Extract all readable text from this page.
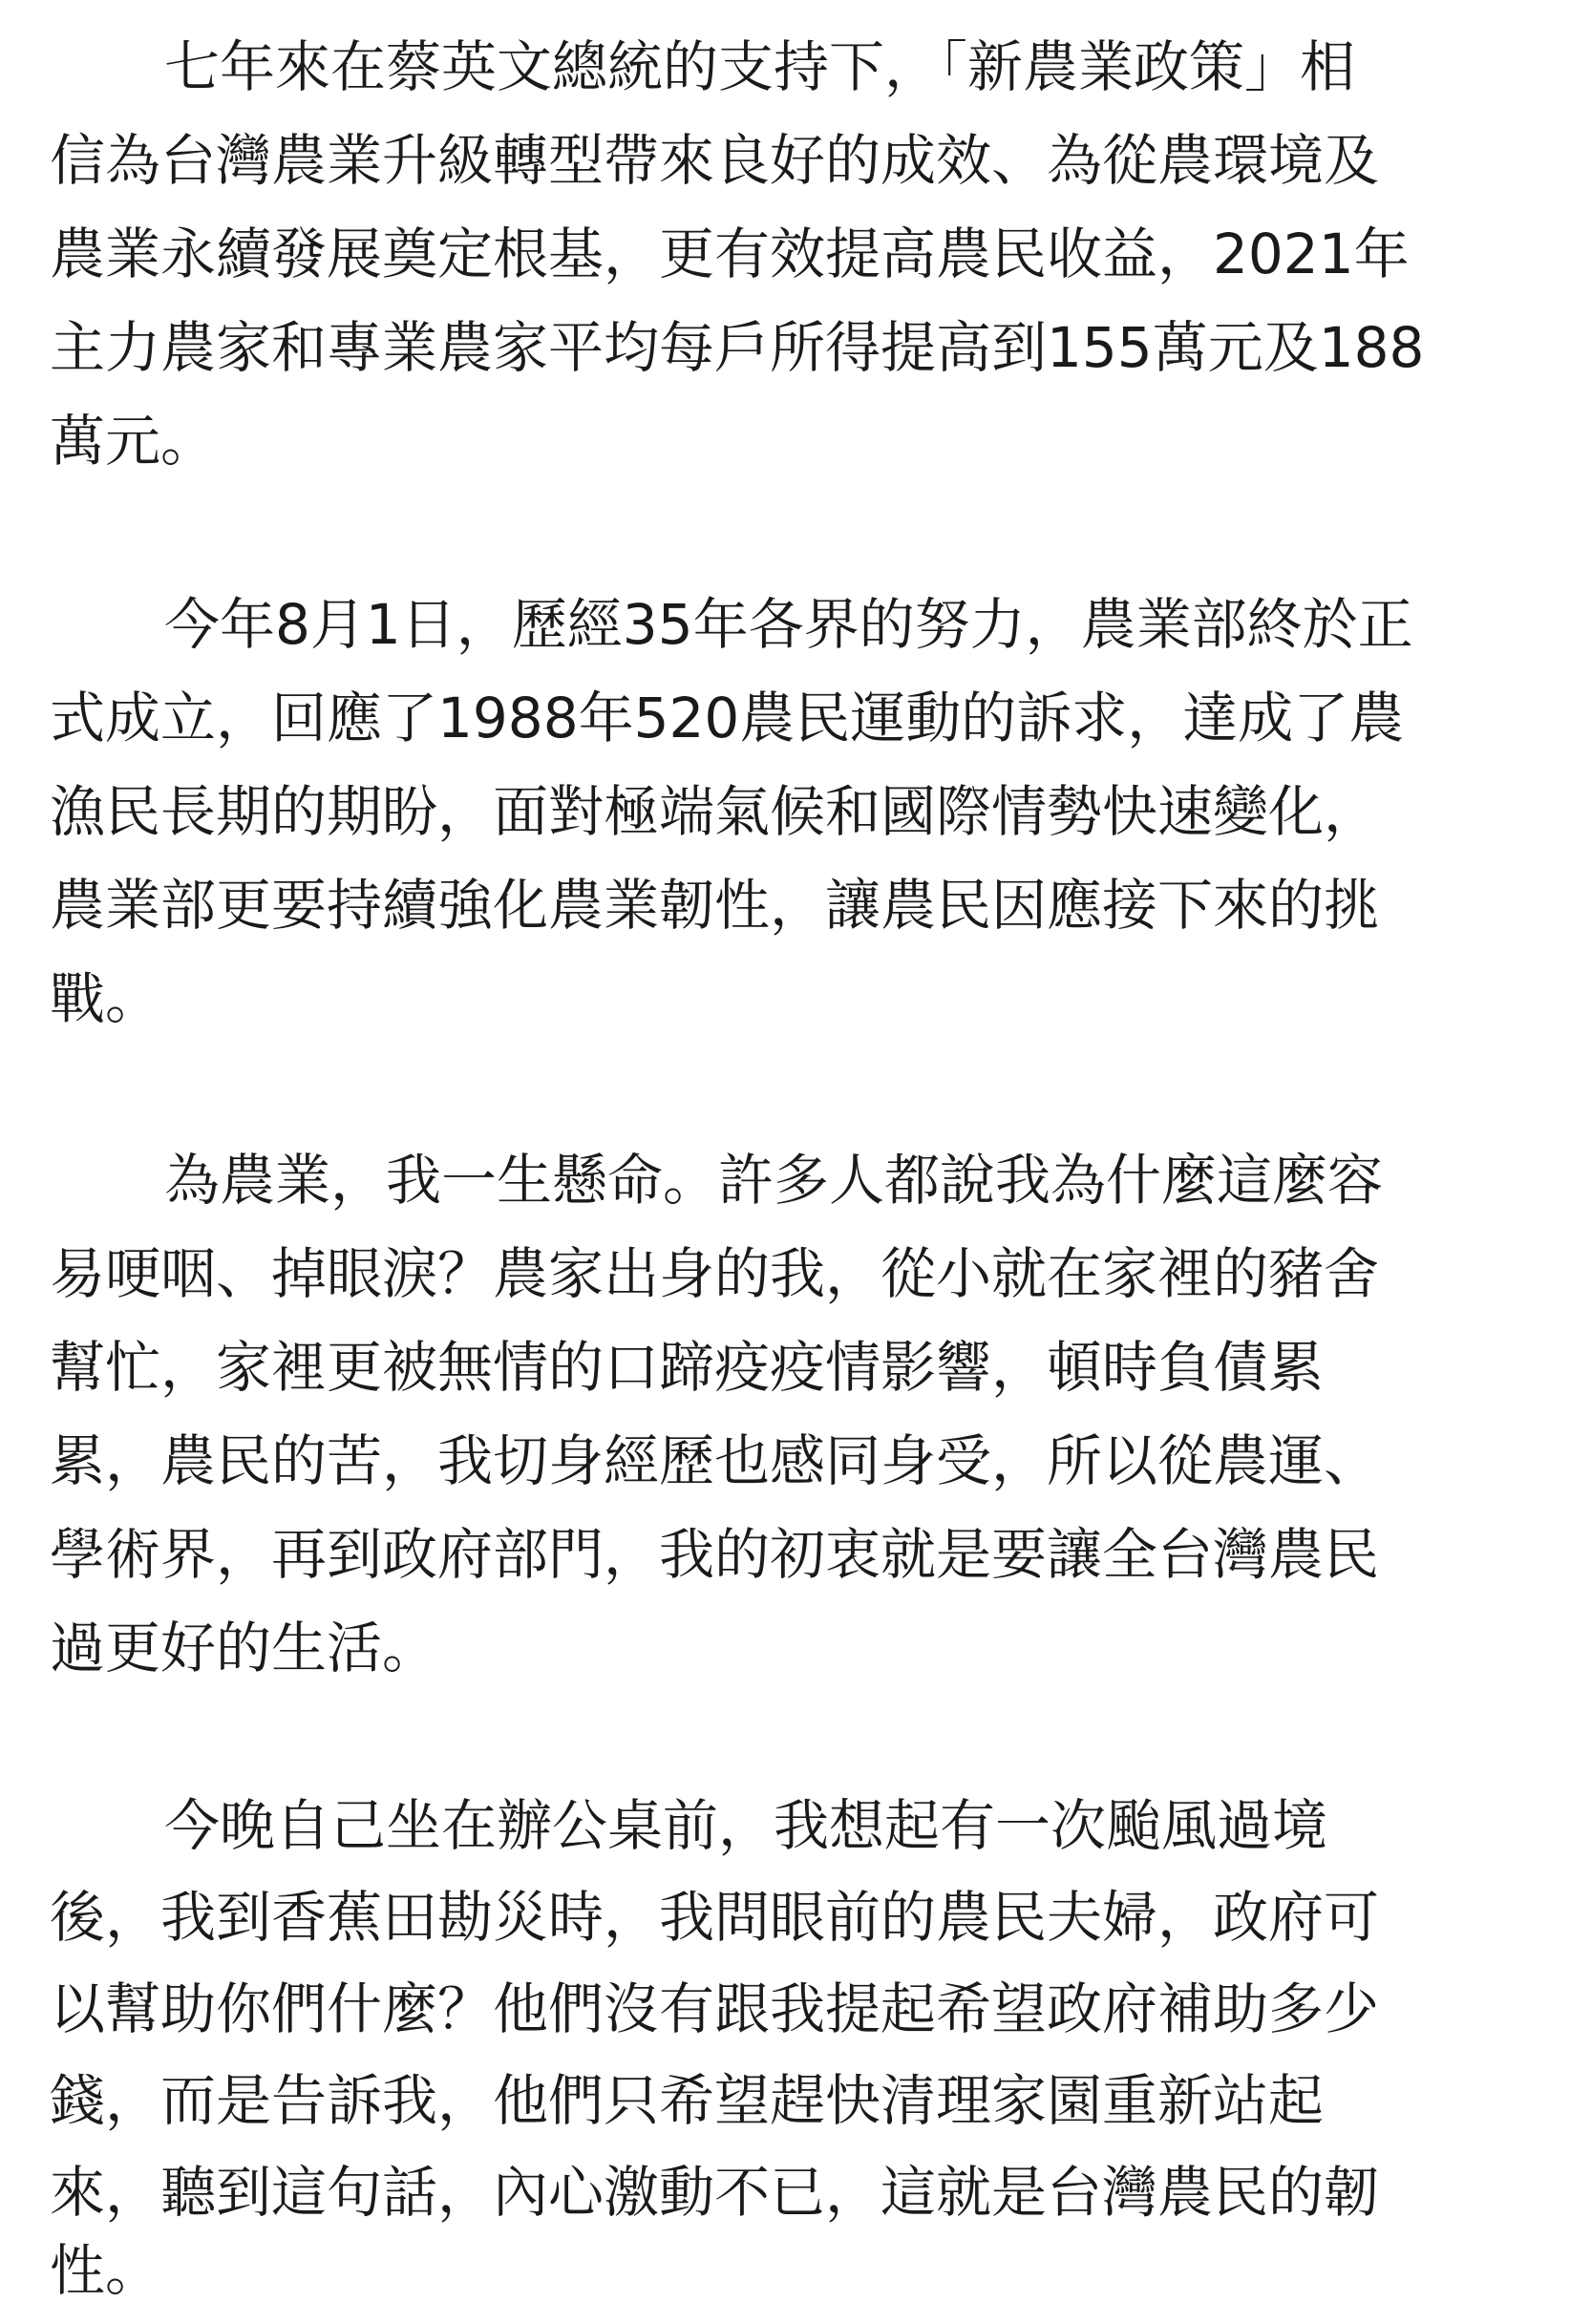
七年來在蔡英文總統的支持下，「新農業政策」相
信為台灣農業升級轉型帶來良好的成效、為從農環境及
農業永續發展奠定根基，更有效提高農民收益，2021年
主力農家和專業農家平均每戶所得提高到155萬元及188
萬元。
今年8月1日，歷經35年各界的努力，農業部終於正
式成立，回應了1988年520農民運動的訴求，達成了農
漁民長期的期盼，面對極端氣候和國際情勢快速變化，
農業部更要持續強化農業韌性，讓農民因應接下來的挑
戰。
為農業，我一生懸命。許多人都說我為什麼這麼容
易哽咽、掉眼淚？農家出身的我，從小就在家裡的豬舍
幫忙，家裡更被無情的口蹄疫疫情影響，頓時負債累
累，農民的苦，我切身經歷也感同身受，所以從農運、
學術界，再到政府部門，我的初衷就是要讓全台灣農民
過更好的生活。
今晚自己坐在辦公桌前，我想起有一次颱風過境
後，我到香蕉田勘災時，我問眼前的農民夫婦，政府可
以幫助你們什麼？他們沒有跟我提起希望政府補助多少
錢，而是告訴我，他們只希望趕快清理家園重新站起
來，聽到這句話，內心激動不已，這就是台灣農民的韌
性。
